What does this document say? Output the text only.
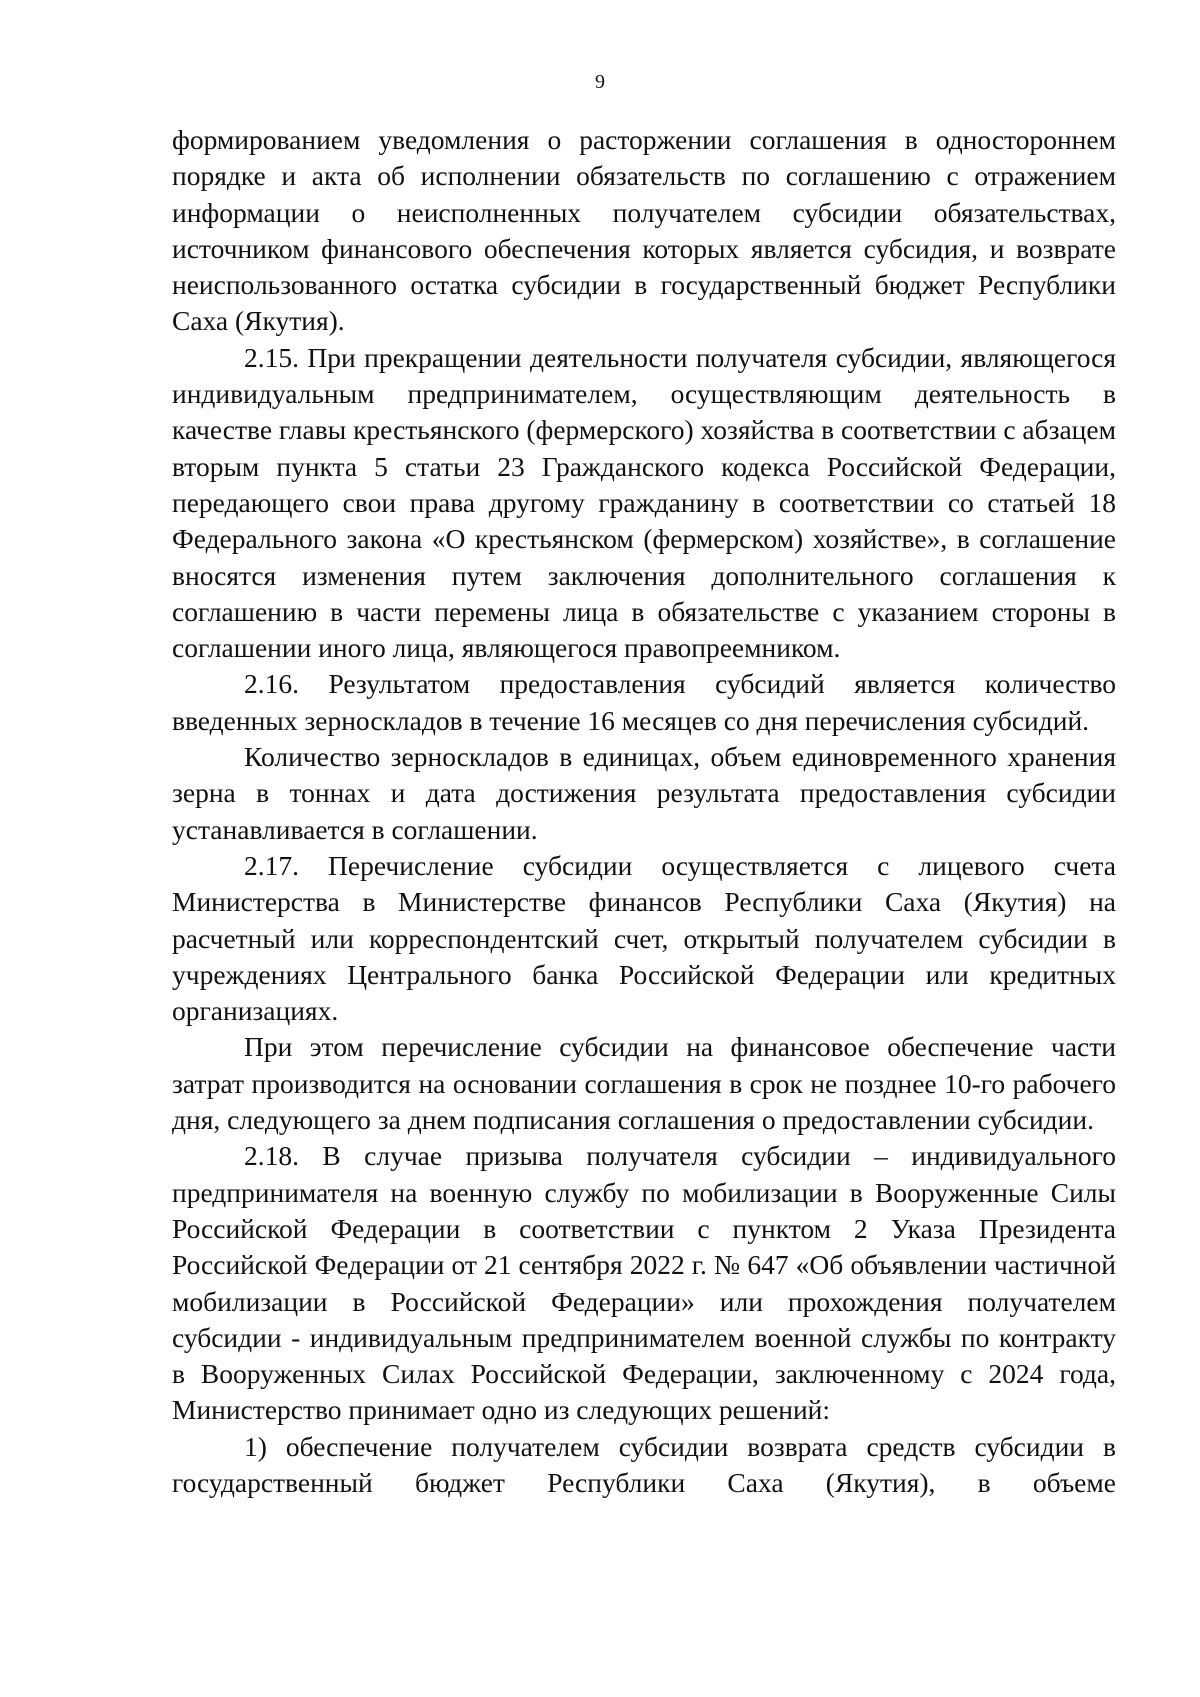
9

формированием уведомления о расторжении соглашения в одностороннем порядке и акта об исполнении обязательств по соглашению с отражением информации о неисполненных получателем субсидии обязательствах, источником финансового обеспечения которых является субсидия, и возврате неиспользованного остатка субсидии в государственный бюджет Республики Саха (Якутия).

2.15. При прекращении деятельности получателя субсидии, являющегося индивидуальным предпринимателем, осуществляющим деятельность в качестве главы крестьянского (фермерского) хозяйства в соответствии с абзацем вторым пункта 5 статьи 23 Гражданского кодекса Российской Федерации, передающего свои права другому гражданину в соответствии со статьей 18 Федерального закона «О крестьянском (фермерском) хозяйстве», в соглашение вносятся изменения путем заключения дополнительного соглашения к соглашению в части перемены лица в обязательстве с указанием стороны в соглашении иного лица, являющегося правопреемником.

2.16. Результатом предоставления субсидий является количество введенных зерноскладов в течение 16 месяцев со дня перечисления субсидий.

Количество зерноскладов в единицах, объем единовременного хранения зерна в тоннах и дата достижения результата предоставления субсидии устанавливается в соглашении.

2.17. Перечисление субсидии осуществляется с лицевого счета Министерства в Министерстве финансов Республики Саха (Якутия) на расчетный или корреспондентский счет, открытый получателем субсидии в учреждениях Центрального банка Российской Федерации или кредитных организациях.

При этом перечисление субсидии на финансовое обеспечение части затрат производится на основании соглашения в срок не позднее 10-го рабочего дня, следующего за днем подписания соглашения о предоставлении субсидии.

2.18. В случае призыва получателя субсидии – индивидуального предпринимателя на военную службу по мобилизации в Вооруженные Силы Российской Федерации в соответствии с пунктом 2 Указа Президента Российской Федерации от 21 сентября 2022 г. № 647 «Об объявлении частичной мобилизации в Российской Федерации» или прохождения получателем субсидии - индивидуальным предпринимателем военной службы по контракту в Вооруженных Силах Российской Федерации, заключенному с 2024 года, Министерство принимает одно из следующих решений:

1) обеспечение получателем субсидии возврата средств субсидии в государственный бюджет Республики Саха (Якутия), в объеме
